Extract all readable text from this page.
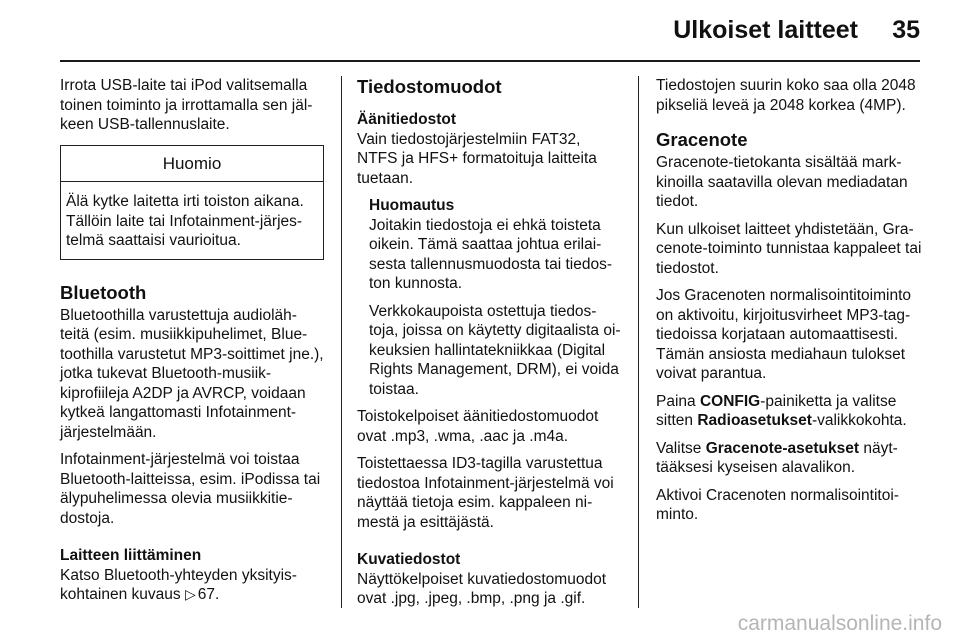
Ulkoiset laitteet 35

Irrota USB-laite tai iPod valitsemalla toinen toiminto ja irrottamalla sen jäl-keen USB-tallennuslaite.

Huomio
Älä kytke laitetta irti toiston aikana. Tällöin laite tai Infotainment-järjes-telmä saattaisi vaurioitua.
Bluetooth

Bluetoothilla varustettuja audioläh-teitä (esim. musiikkipuhelimet, Blue-toothilla varustetut MP3-soittimet jne.), jotka tukevat Bluetooth-musiik-kiprofiileja A2DP ja AVRCP, voidaan kytkeä langattomasti Infotainment-järjestelmään.

Infotainment-järjestelmä voi toistaa Bluetooth-laitteissa, esim. iPodissa tai älypuhelimessa olevia musiikkitie-dostoja.

Laitteen liittäminen

Katso Bluetooth-yhteyden yksityis-kohtainen kuvaus ▷ 67.

Tiedostomuodot
Äänitiedostot

Vain tiedostojärjestelmiin FAT32, NTFS ja HFS+ formatoituja laitteita tuetaan.

Huomautus

Joitakin tiedostoja ei ehkä toisteta oikein. Tämä saattaa johtua erilai-sesta tallennusmuodosta tai tiedos-ton kunnosta.

Verkkokaupoista ostettuja tiedos-toja, joissa on käytetty digitaalista oi-keuksien hallintatekniikkaa (Digital Rights Management, DRM), ei voida toistaa.

Toistokelpoiset äänitiedostomuodot ovat .mp3, .wma, .aac ja .m4a.

Toistettaessa ID3-tagilla varustettua tiedostoa Infotainment-järjestelmä voi näyttää tietoja esim. kappaleen ni-mestä ja esittäjästä.

Kuvatiedostot

Näyttökelpoiset kuvatiedostomuodot ovat .jpg, .jpeg, .bmp, .png ja .gif.

Tiedostojen suurin koko saa olla 2048 pikseliä leveä ja 2048 korkea (4MP).

Gracenote

Gracenote-tietokanta sisältää mark-kinoilla saatavilla olevan mediadatan tiedot.

Kun ulkoiset laitteet yhdistetään, Gra-cenote-toiminto tunnistaa kappaleet tai tiedostot.

Jos Gracenoten normalisointitoiminto on aktivoitu, kirjoitusvirheet MP3-tag-tiedoissa korjataan automaattisesti. Tämän ansiosta mediahaun tulokset voivat parantua.

Paina CONFIG-painiketta ja valitse sitten Radioasetukset-valikkokohta.

Valitse Gracenote-asetukset näyt-tääksesi kyseisen alavalikon.

Aktivoi Cracenoten normalisointitoi-minto.

carmanualsonline.info
